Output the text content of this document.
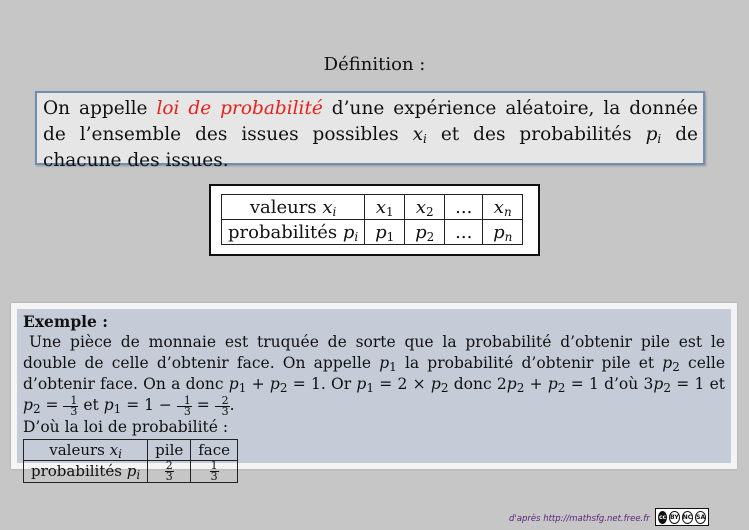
Définition :
On appelle loi de probabilité d’une expérience aléatoire, la donnée de l’ensemble des issues possibles $x_i$ et des probabilités $p_i$ de chacune des issues.
valeurs $x_i$	$x_1$	$x_2$	...	$x_n$
probabilités $p_i$	$p_1$	$p_2$	...	$p_n$
Exemple :
Une pièce de monnaie est truquée de sorte que la probabilité d’obtenir pile est le double de celle d’obtenir face. On appelle $p_1$ la probabilité d’obtenir pile et $p_2$ celle d’obtenir face. On a donc $p_1 + p_2 = 1$. Or $p_1 = 2 \times p_2$ donc $2p_2 + p_2 = 1$ d’où $3p_2 = 1$ et $p_2 = \frac{1}{3}$ et $p_1 = 1 - \frac{1}{3} = \frac{2}{3}$ .
D’où la loi de probabilité :
valeurs $x_i$	pile	face
probabilités $p_i$	$\frac{2}{3}$	$\frac{1}{3}$
d'après http://mathsfg.net.free.fr cc BY NC SA
